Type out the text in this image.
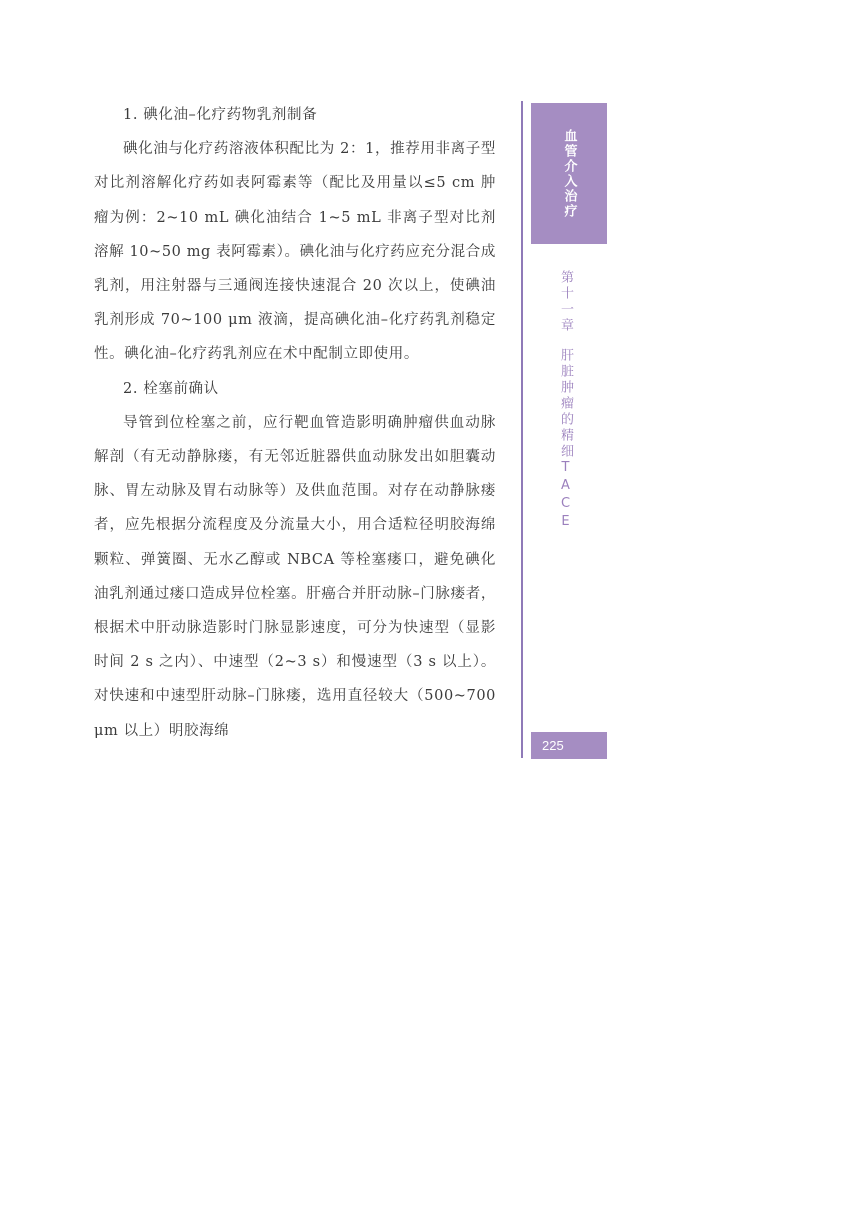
1. 碘化油–化疗药物乳剂制备

碘化油与化疗药溶液体积配比为 2：1，推荐用非离子型对比剂溶解化疗药如表阿霉素等（配比及用量以≤5 cm 肿瘤为例：2~10 mL 碘化油结合 1~5 mL 非离子型对比剂溶解 10~50 mg 表阿霉素）。碘化油与化疗药应充分混合成乳剂，用注射器与三通阀连接快速混合 20 次以上，使碘油乳剂形成 70~100 μm 液滴，提高碘化油–化疗药乳剂稳定性。碘化油–化疗药乳剂应在术中配制立即使用。

2. 栓塞前确认

导管到位栓塞之前，应行靶血管造影明确肿瘤供血动脉解剖（有无动静脉瘘，有无邻近脏器供血动脉发出如胆囊动脉、胃左动脉及胃右动脉等）及供血范围。对存在动静脉瘘者，应先根据分流程度及分流量大小，用合适粒径明胶海绵颗粒、弹簧圈、无水乙醇或 NBCA 等栓塞瘘口，避免碘化油乳剂通过瘘口造成异位栓塞。肝癌合并肝动脉–门脉瘘者，根据术中肝动脉造影时门脉显影速度，可分为快速型（显影时间 2 s 之内）、中速型（2~3 s）和慢速型（3 s 以上）。对快速和中速型肝动脉–门脉瘘，选用直径较大（500~700 μm 以上）明胶海绵

血管介入治疗
第十一章肝脏肿瘤的精细TACE
225
